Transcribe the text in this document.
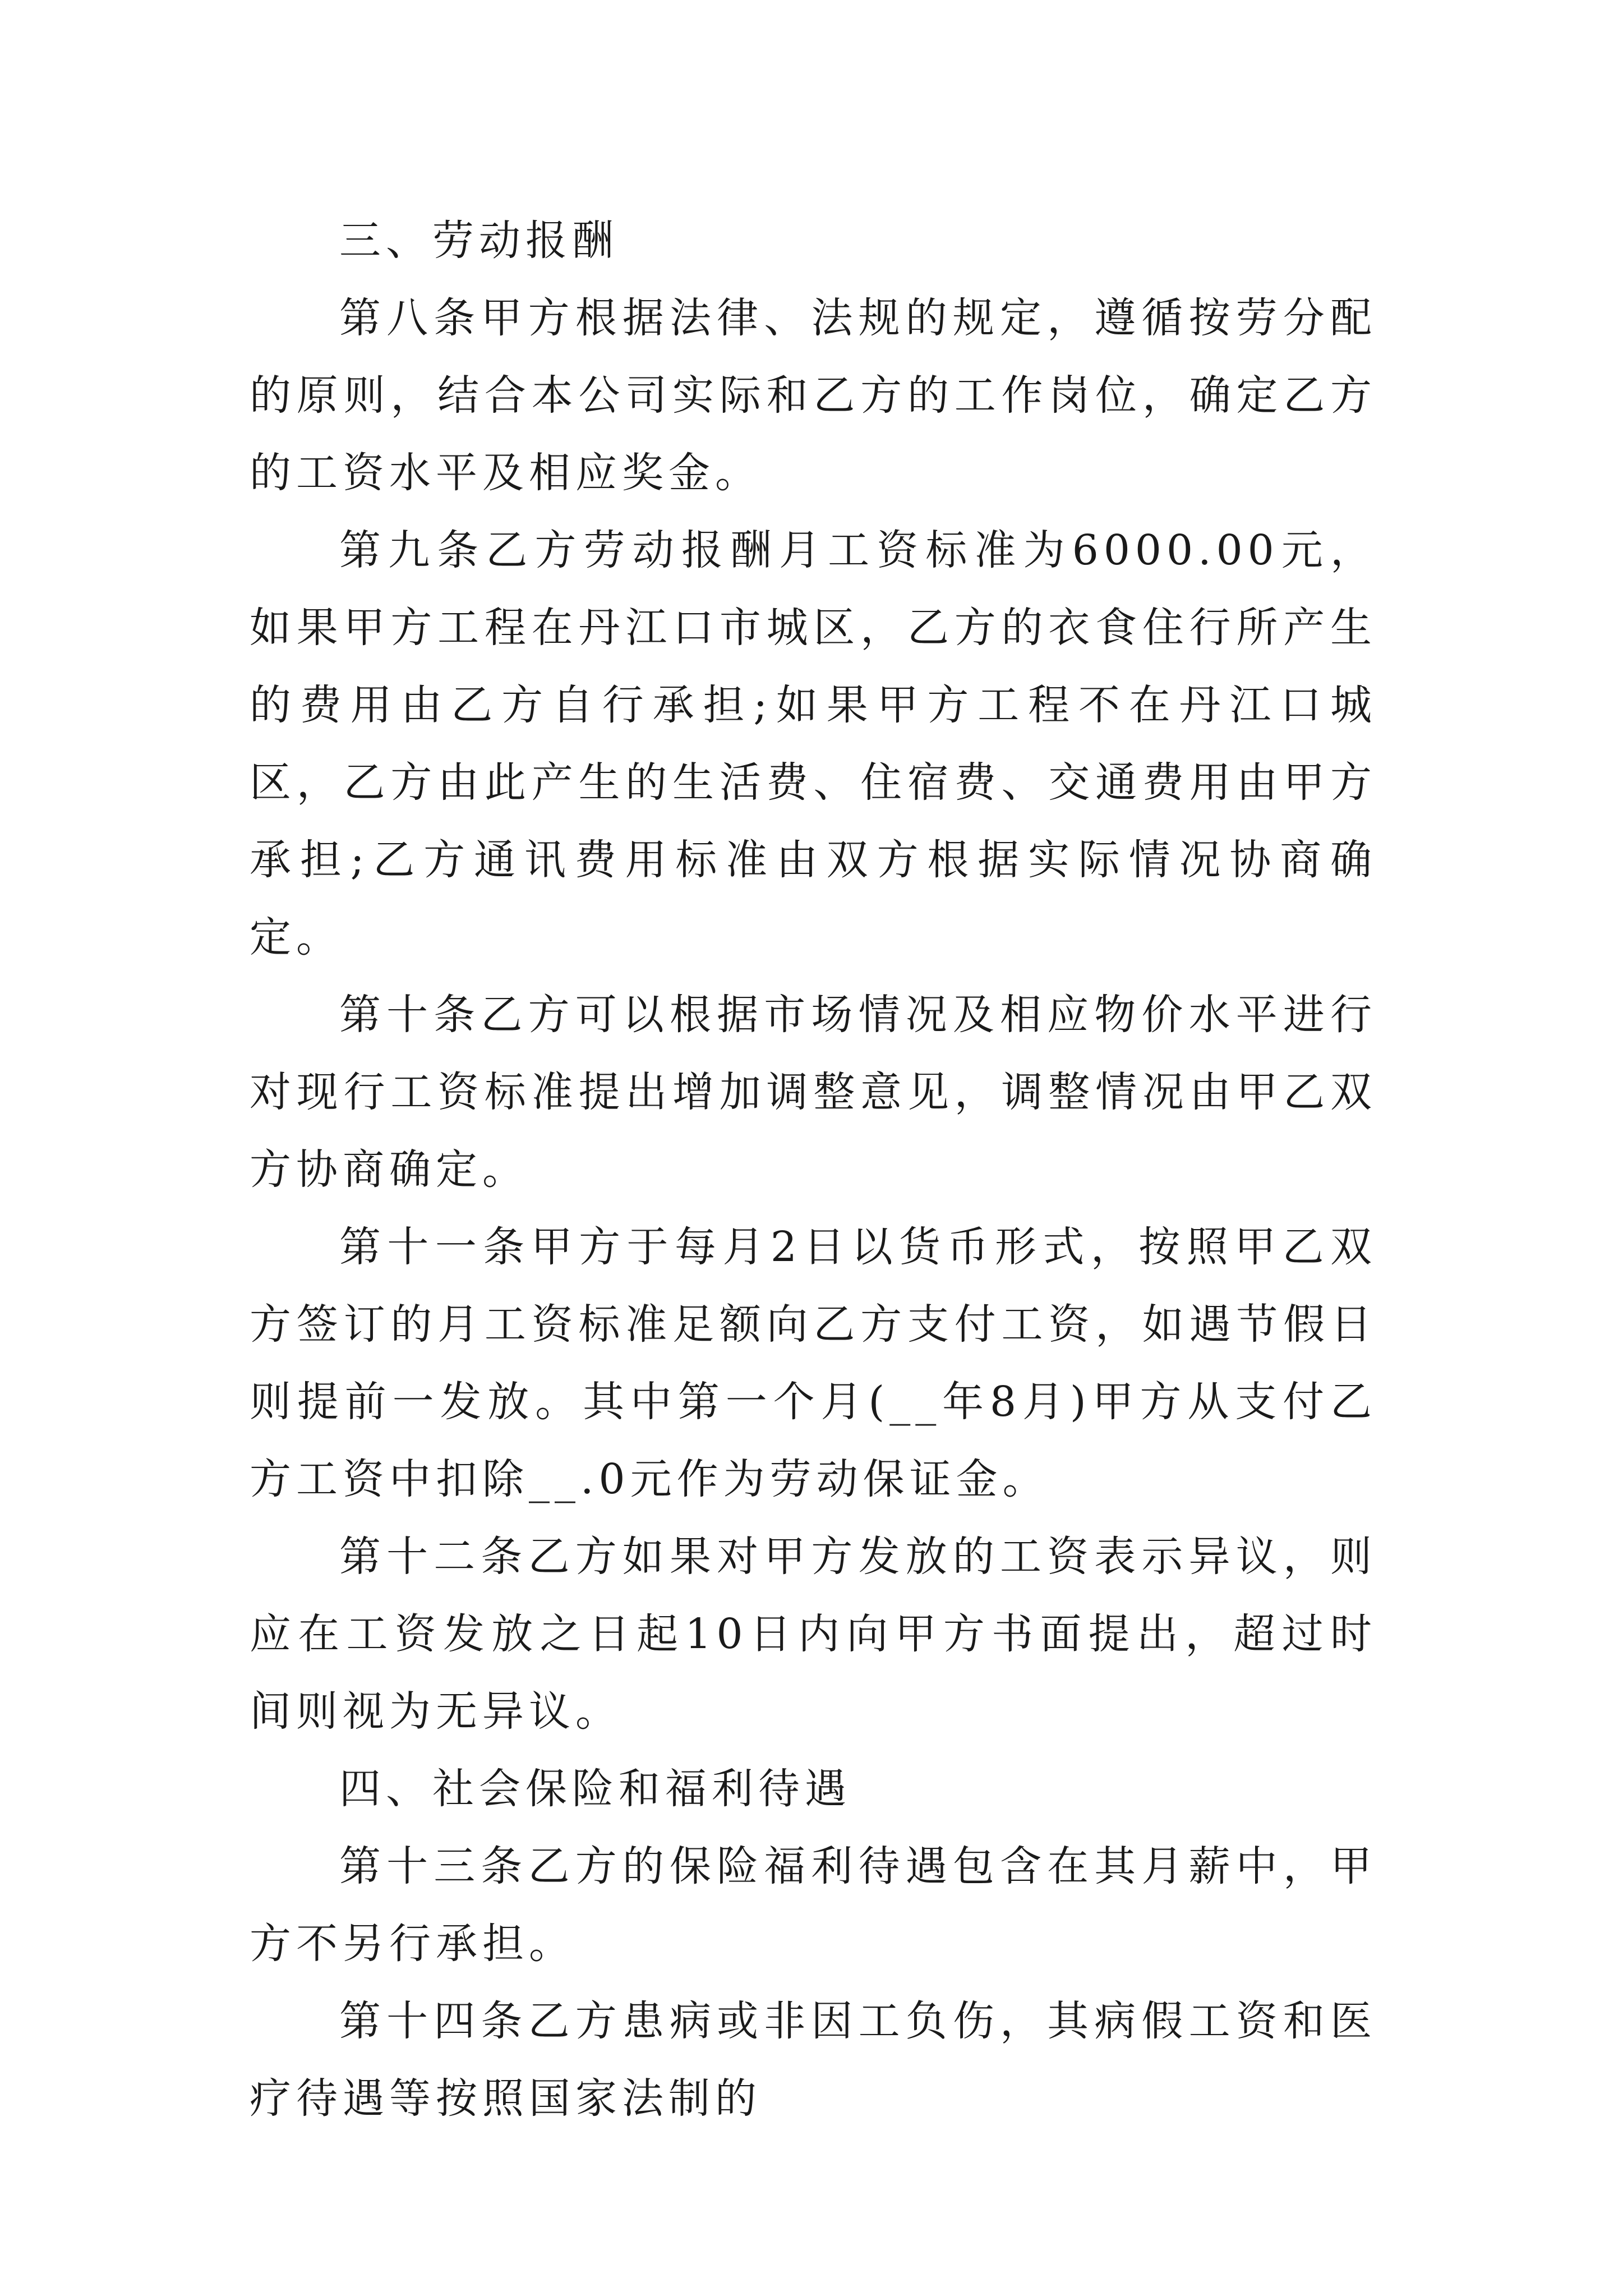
三、劳动报酬

第八条甲方根据法律、法规的规定，遵循按劳分配的原则，结合本公司实际和乙方的工作岗位，确定乙方的工资水平及相应奖金。

第九条乙方劳动报酬月工资标准为6000.00元，如果甲方工程在丹江口市城区，乙方的衣食住行所产生的费用由乙方自行承担;如果甲方工程不在丹江口城区，乙方由此产生的生活费、住宿费、交通费用由甲方承担;乙方通讯费用标准由双方根据实际情况协商确定。

第十条乙方可以根据市场情况及相应物价水平进行对现行工资标准提出增加调整意见，调整情况由甲乙双方协商确定。

第十一条甲方于每月2日以货币形式，按照甲乙双方签订的月工资标准足额向乙方支付工资，如遇节假日则提前一发放。其中第一个月(__年8月)甲方从支付乙方工资中扣除__.0元作为劳动保证金。

第十二条乙方如果对甲方发放的工资表示异议，则应在工资发放之日起10日内向甲方书面提出，超过时间则视为无异议。

四、社会保险和福利待遇

第十三条乙方的保险福利待遇包含在其月薪中，甲方不另行承担。

第十四条乙方患病或非因工负伤，其病假工资和医疗待遇等按照国家法制的
